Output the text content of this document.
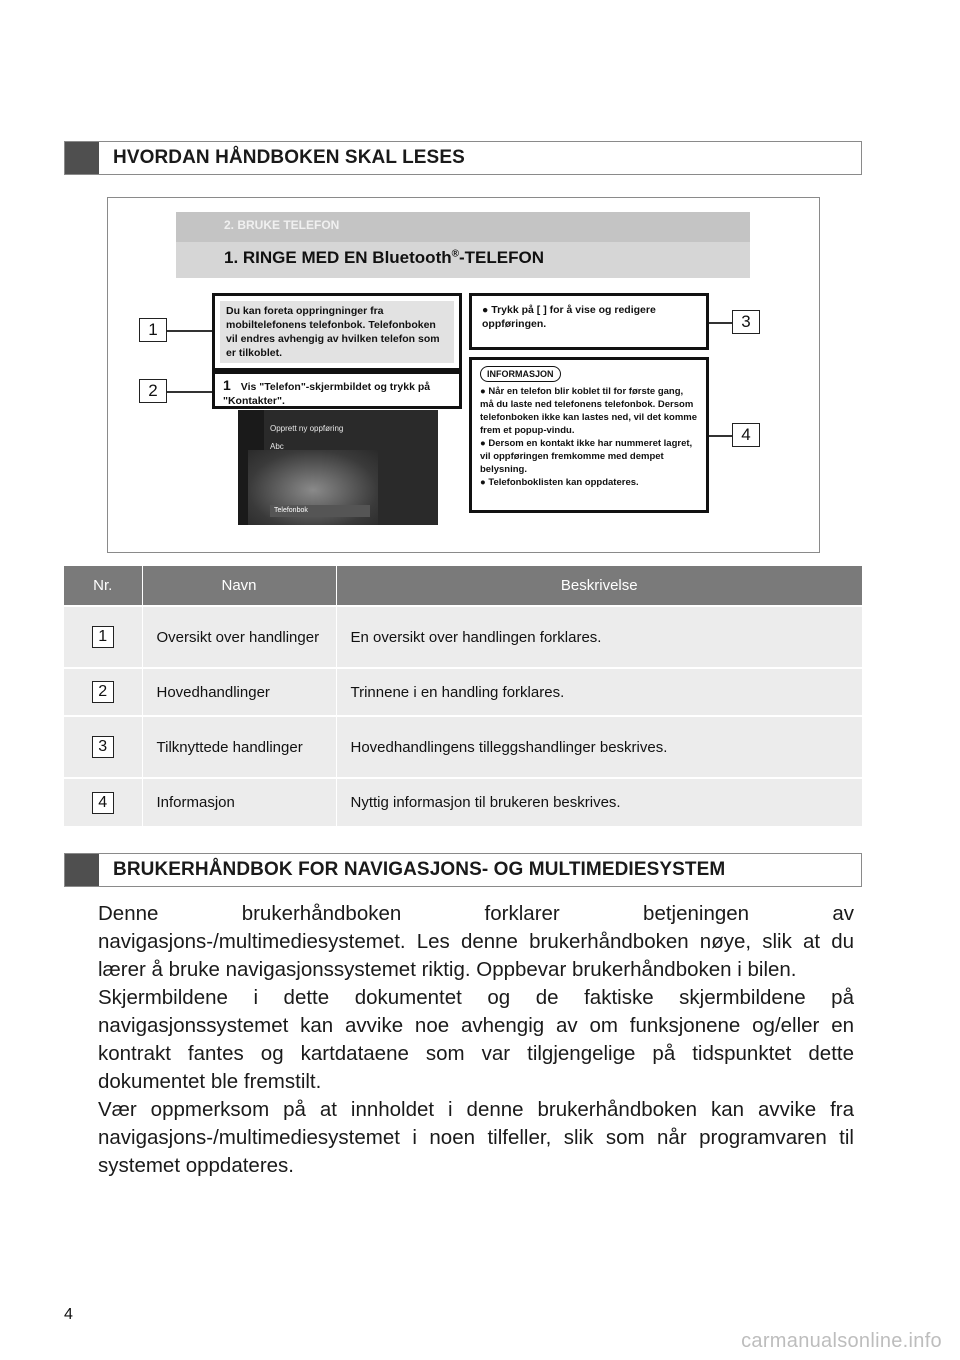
HVORDAN HÅNDBOKEN SKAL LESES
2. BRUKE TELEFON
1. RINGE MED EN Bluetooth®-TELEFON
Du kan foreta oppringninger fra mobiltelefonens telefonbok. Telefonboken vil endres avhengig av hvilken telefon som er tilkoblet.
1 Vis "Telefon"-skjermbildet og trykk på "Kontakter".
Opprett ny oppføring
Abc
Telefonbok
● Trykk på [ ] for å vise og redigere oppføringen.
INFORMASJON
● Når en telefon blir koblet til for første gang, må du laste ned telefonens telefonbok. Dersom telefonboken ikke kan lastes ned, vil det komme frem et popup-vindu.
● Dersom en kontakt ikke har nummeret lagret, vil oppføringen fremkomme med dempet belysning.
● Telefonboklisten kan oppdateres.
1
2
3
4
Nr.	Navn	Beskrivelse
1	Oversikt over handlinger	En oversikt over handlingen forklares.
2	Hovedhandlinger	Trinnene i en handling forklares.
3	Tilknyttede handlinger	Hovedhandlingens tilleggshandlinger beskrives.
4	Informasjon	Nyttig informasjon til brukeren beskrives.
BRUKERHÅNDBOK FOR NAVIGASJONS- OG MULTIMEDIESYSTEM

Denne brukerhåndboken forklarer betjeningen av navigasjons-/multimediesystemet. Les denne brukerhåndboken nøye, slik at du lærer å bruke navigasjonssystemet riktig. Oppbevar brukerhåndboken i bilen.

Skjermbildene i dette dokumentet og de faktiske skjermbildene på navigasjonssystemet kan avvike noe avhengig av om funksjonene og/eller en kontrakt fantes og kartdataene som var tilgjengelige på tidspunktet dette dokumentet ble fremstilt.

Vær oppmerksom på at innholdet i denne brukerhåndboken kan avvike fra navigasjons-/multimediesystemet i noen tilfeller, slik som når programvaren til systemet oppdateres.

4
carmanualsonline.info
